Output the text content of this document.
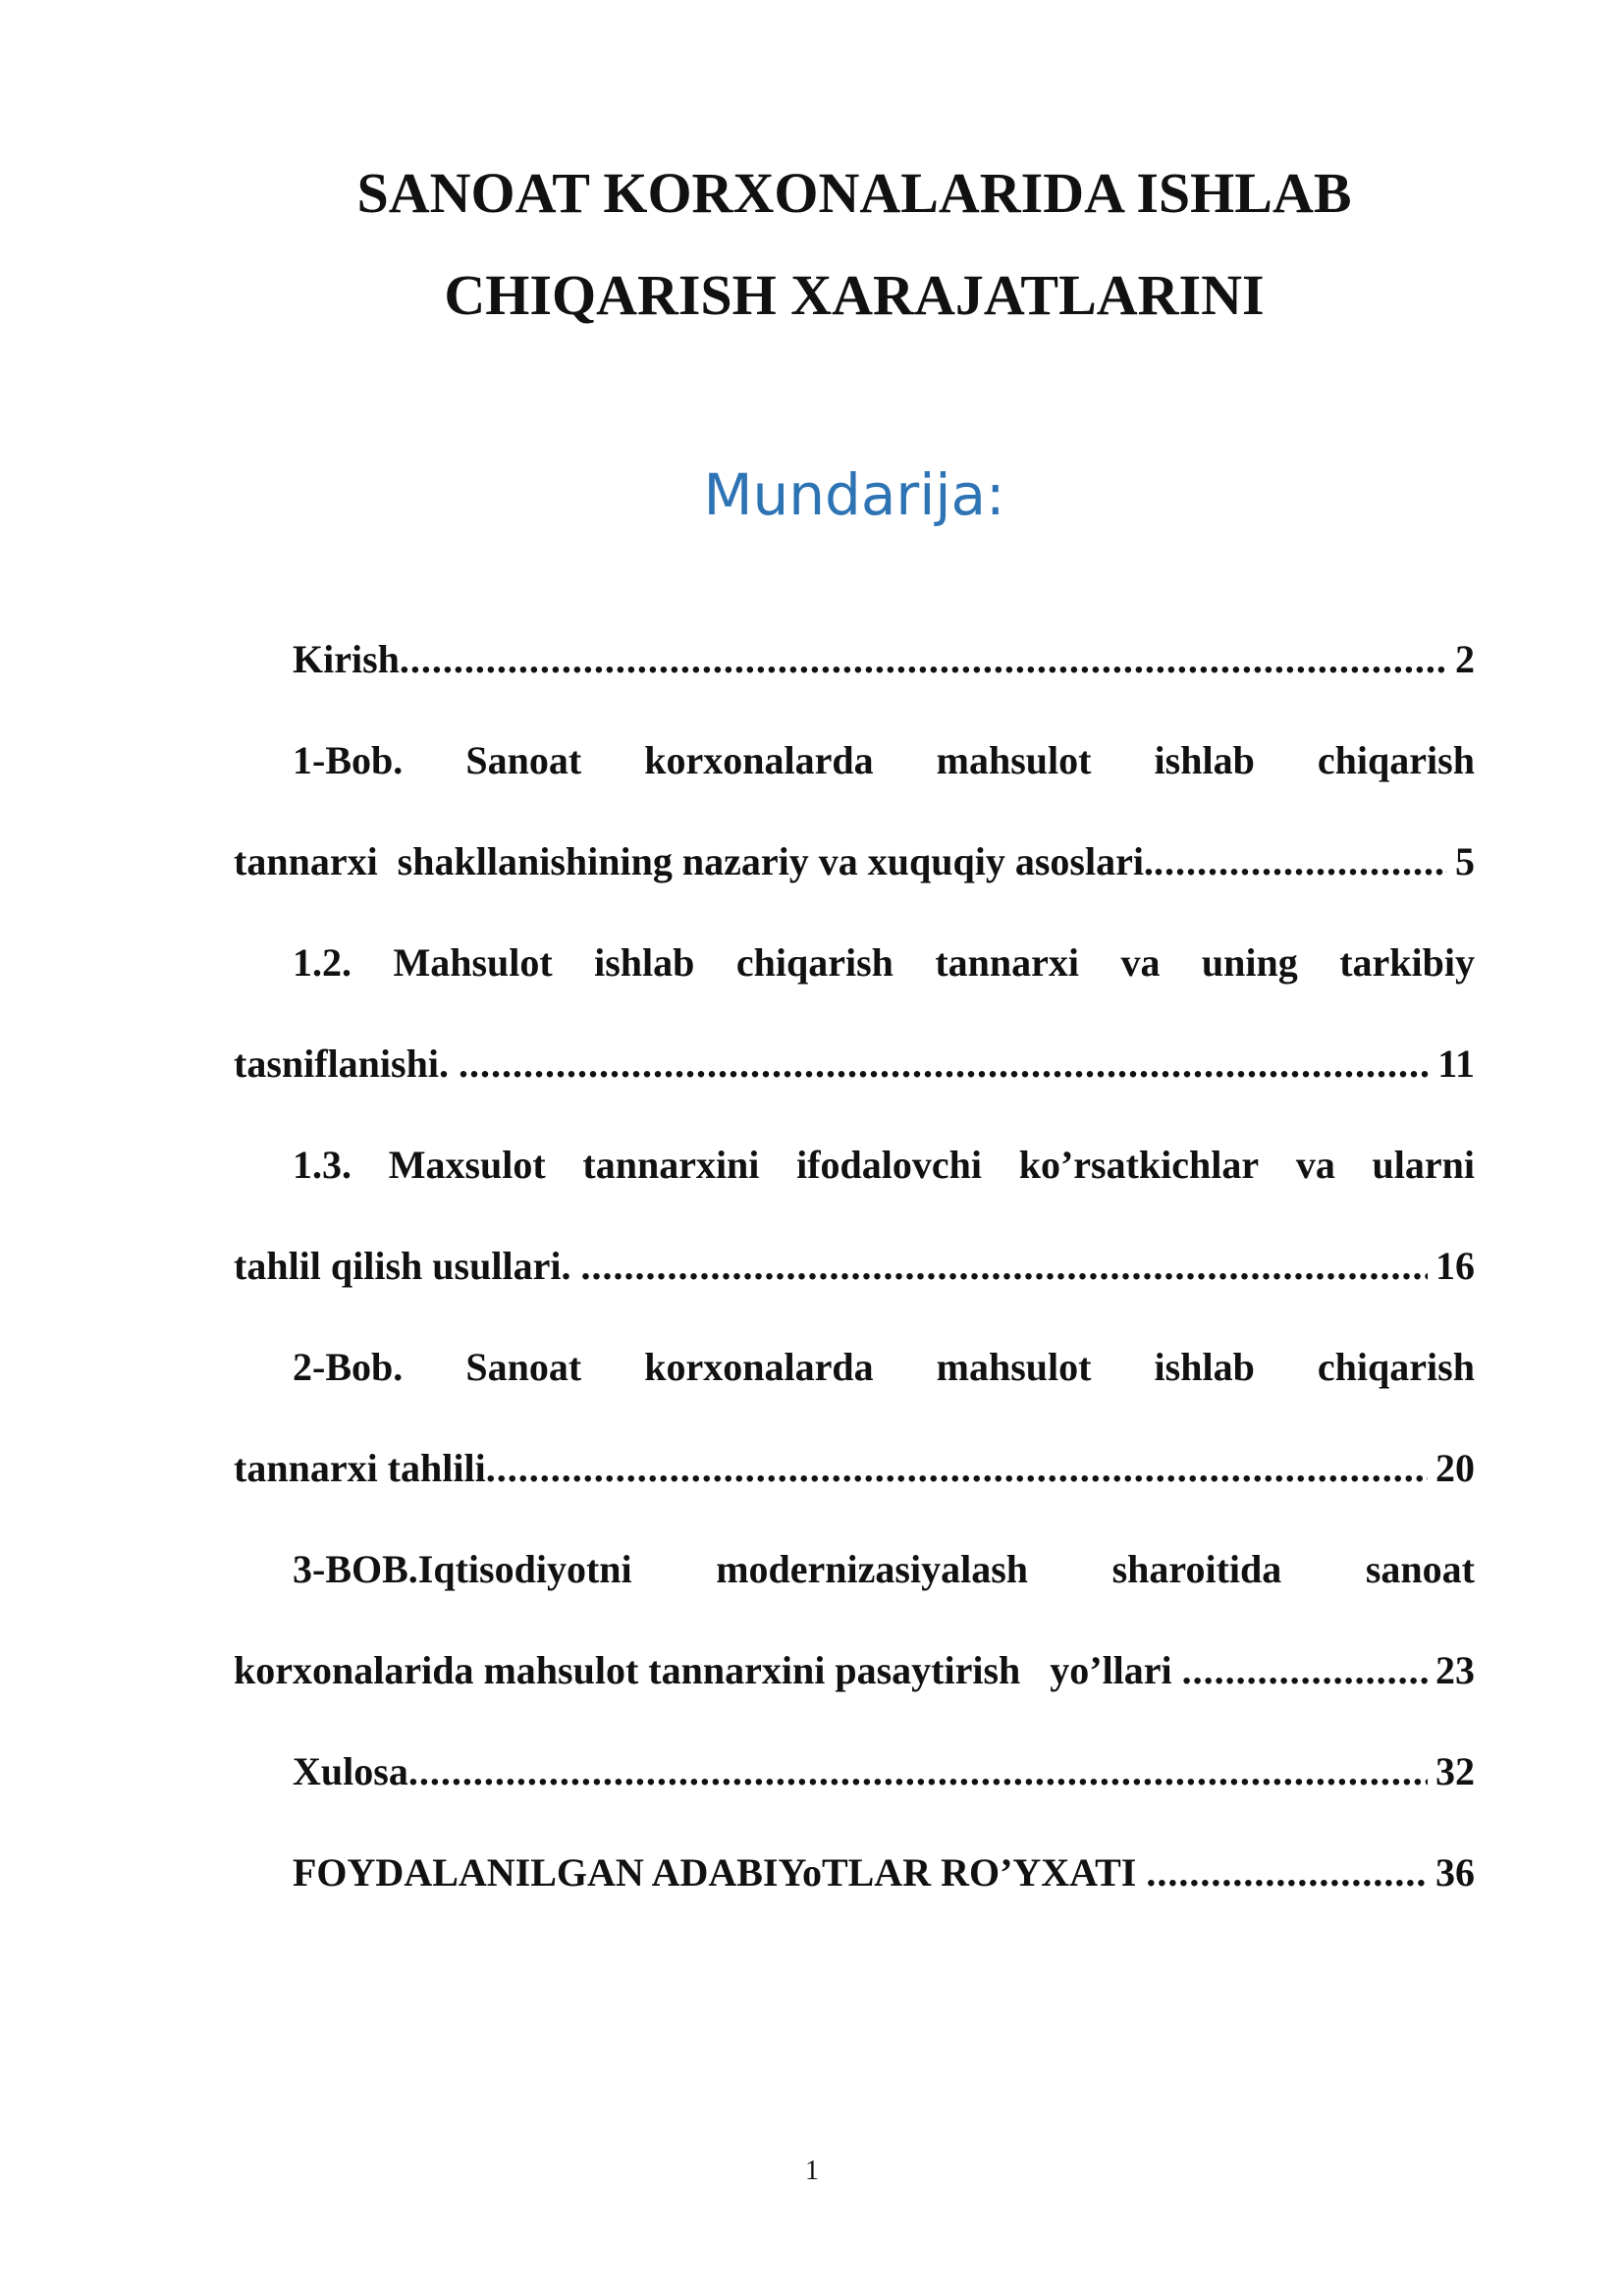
SANOAT KORXONALARIDA ISHLAB
CHIQARISH XARAJATLARINI
Mundarija:
Kirish .....	2
1-Bob. Sanoat korxonalarda mahsulot ishlab chiqarish
tannarxi  shakllanishining nazariy va xuquqiy asoslari. .....	5
1.2. Mahsulot ishlab chiqarish tannarxi va uning tarkibiy
tasniflanishi. .....	11
1.3. Maxsulot tannarxini ifodalovchi ko’rsatkichlar va ularni
tahlil qilish usullari. .....	16
2-Bob. Sanoat korxonalarda mahsulot ishlab chiqarish
tannarxi tahlili .....	20
3-BOB.Iqtisodiyotni modernizasiyalash sharoitida sanoat
korxonalarida mahsulot tannarxini pasaytirish   yo’llari .....	23
Xulosa .....	32
FOYDALANILGAN ADABIYoTLAR RO’YXATI .....	36
1
